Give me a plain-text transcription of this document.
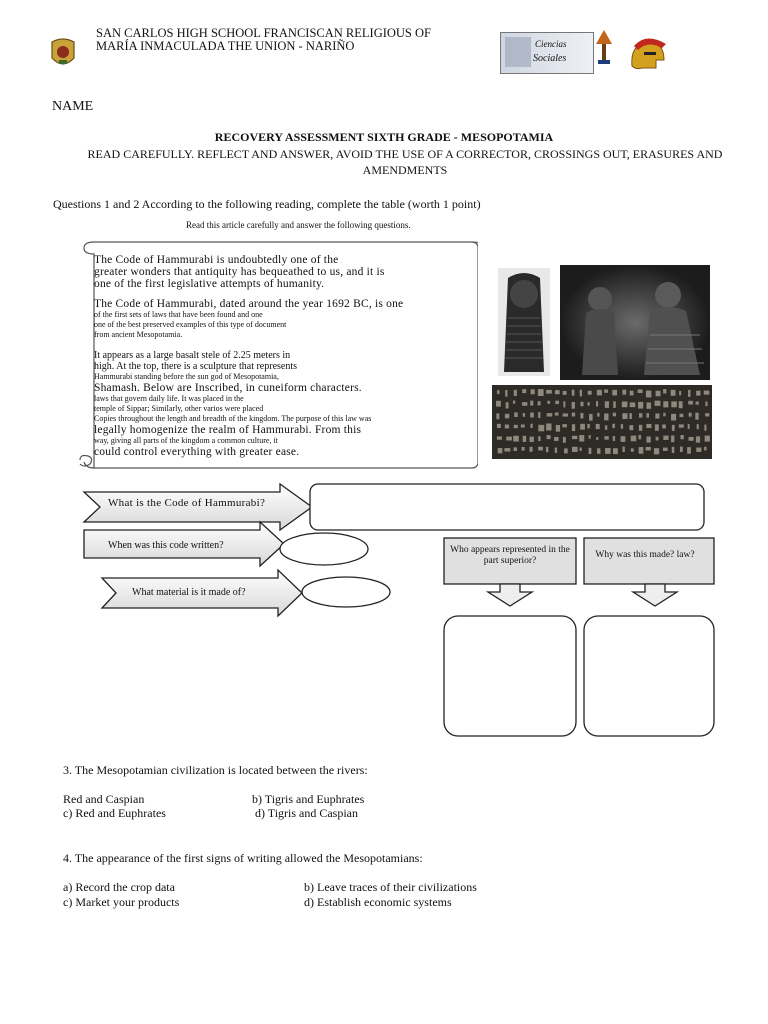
SAN CARLOS HIGH SCHOOL FRANCISCAN RELIGIOUS OF
MARÍA INMACULADA THE UNION - NARIÑO	Ciencias
Sociales
NAME
RECOVERY ASSESSMENT SIXTH GRADE - MESOPOTAMIA
READ CAREFULLY. REFLECT AND ANSWER, AVOID THE USE OF A CORRECTOR, CROSSINGS OUT, ERASURES AND AMENDMENTS
Questions 1 and 2 According to the following reading, complete the table (worth 1 point)
Read this article carefully and answer the following questions.

The Code of Hammurabi is undoubtedly one of the

greater wonders that antiquity has bequeathed to us, and it is

one of the first legislative attempts of humanity.

The Code of Hammurabi, dated around the year 1692 BC, is one

of the first sets of laws that have been found and one

one of the best preserved examples of this type of document

from ancient Mesopotamia.

It appears as a large basalt stele of 2.25 meters in

high. At the top, there is a sculpture that represents

Hammurabi standing before the sun god of Mesopotamia,

Shamash. Below are Inscribed, in cuneiform characters.

laws that govern daily life. It was placed in the

temple of Sippar; Similarly, other varios were placed

Copies throughout the length and breadth of the kingdom. The purpose of this law was

legally homogenize the realm of Hammurabi. From this

way, giving all parts of the kingdom a common culture, it

could control everything with greater ease.

What is the Code of Hammurabi?
When was this code written?
What material is it made of?
Who appears represented in the part superior?
Why was this made? law?
3. The Mesopotamian civilization is located between the rivers:
Red and Caspian	b) Tigris and Euphrates
c) Red and Euphrates	d) Tigris and Caspian
4. The appearance of the first signs of writing allowed the Mesopotamians:
a) Record the crop data	b) Leave traces of their civilizations
c) Market your products	d) Establish economic systems
